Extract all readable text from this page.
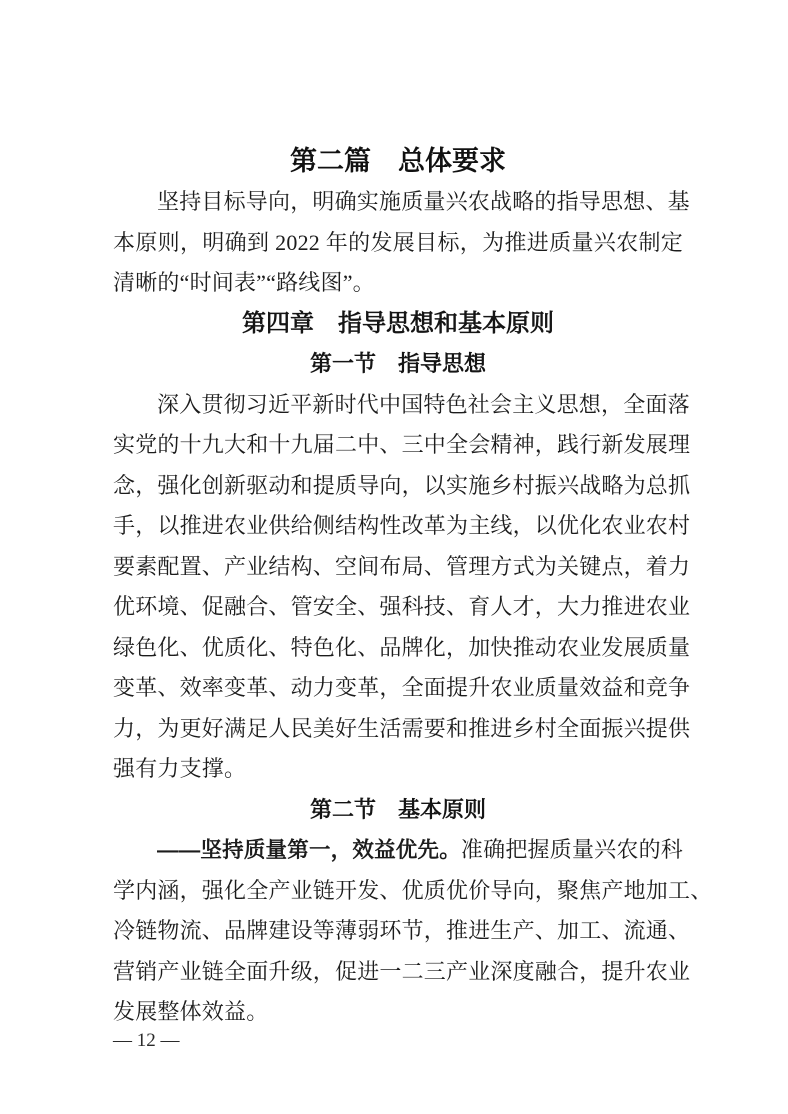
第二篇　总体要求
坚持目标导向，明确实施质量兴农战略的指导思想、基
本原则，明确到 2022 年的发展目标，为推进质量兴农制定
清晰的“时间表”“路线图”。
第四章　指导思想和基本原则
第一节　指导思想
深入贯彻习近平新时代中国特色社会主义思想，全面落
实党的十九大和十九届二中、三中全会精神，践行新发展理
念，强化创新驱动和提质导向，以实施乡村振兴战略为总抓
手，以推进农业供给侧结构性改革为主线，以优化农业农村
要素配置、产业结构、空间布局、管理方式为关键点，着力
优环境、促融合、管安全、强科技、育人才，大力推进农业
绿色化、优质化、特色化、品牌化，加快推动农业发展质量
变革、效率变革、动力变革，全面提升农业质量效益和竞争
力，为更好满足人民美好生活需要和推进乡村全面振兴提供
强有力支撑。
第二节　基本原则
——坚持质量第一，效益优先。准确把握质量兴农的科
学内涵，强化全产业链开发、优质优价导向，聚焦产地加工、
冷链物流、品牌建设等薄弱环节，推进生产、加工、流通、
营销产业链全面升级，促进一二三产业深度融合，提升农业
发展整体效益。
— 12 —
